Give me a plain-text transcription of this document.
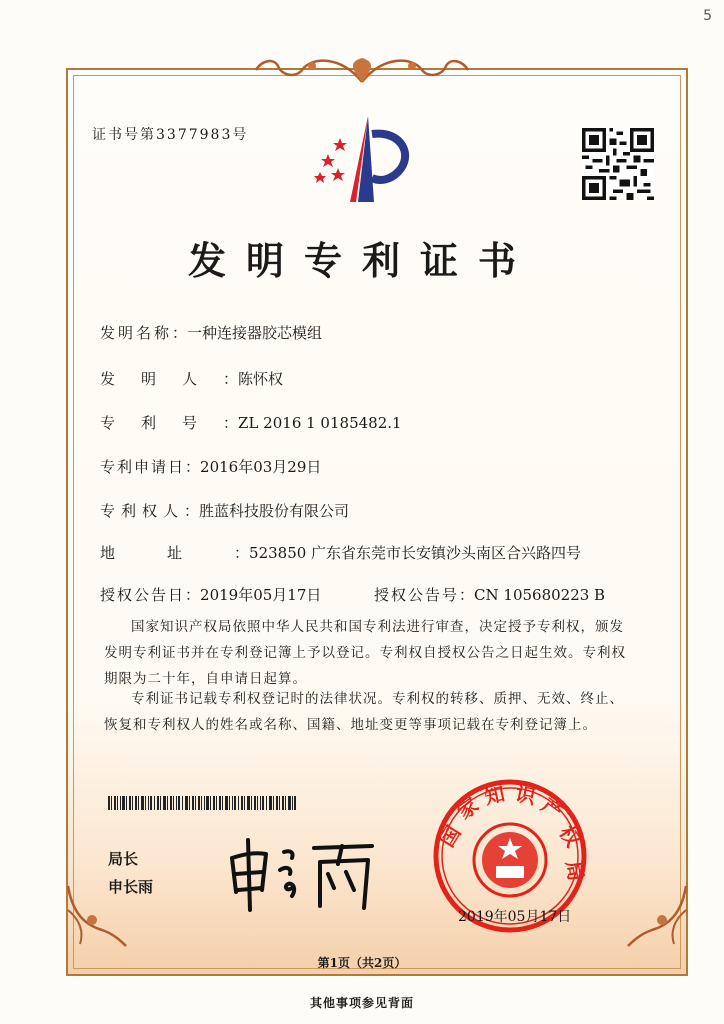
5
证书号第3377983号
发明专利证书
发明名称：一种连接器胶芯模组
发明人：陈怀权
专利号：ZL 2016 1 0185482.1
专利申请日：2016年03月29日
专利权人：胜蓝科技股份有限公司
地址：523850 广东省东莞市长安镇沙头南区合兴路四号
授权公告日：2019年05月17日	授权公告号：CN 105680223 B
国家知识产权局依照中华人民共和国专利法进行审查，决定授予专利权，颁发发明专利证书并在专利登记簿上予以登记。专利权自授权公告之日起生效。专利权期限为二十年，自申请日起算。
专利证书记载专利权登记时的法律状况。专利权的转移、质押、无效、终止、恢复和专利权人的姓名或名称、国籍、地址变更等事项记载在专利登记簿上。
局长
申长雨
国
家 知 识 产
权
局
2019年05月17日
第1页（共2页）
其他事项参见背面
